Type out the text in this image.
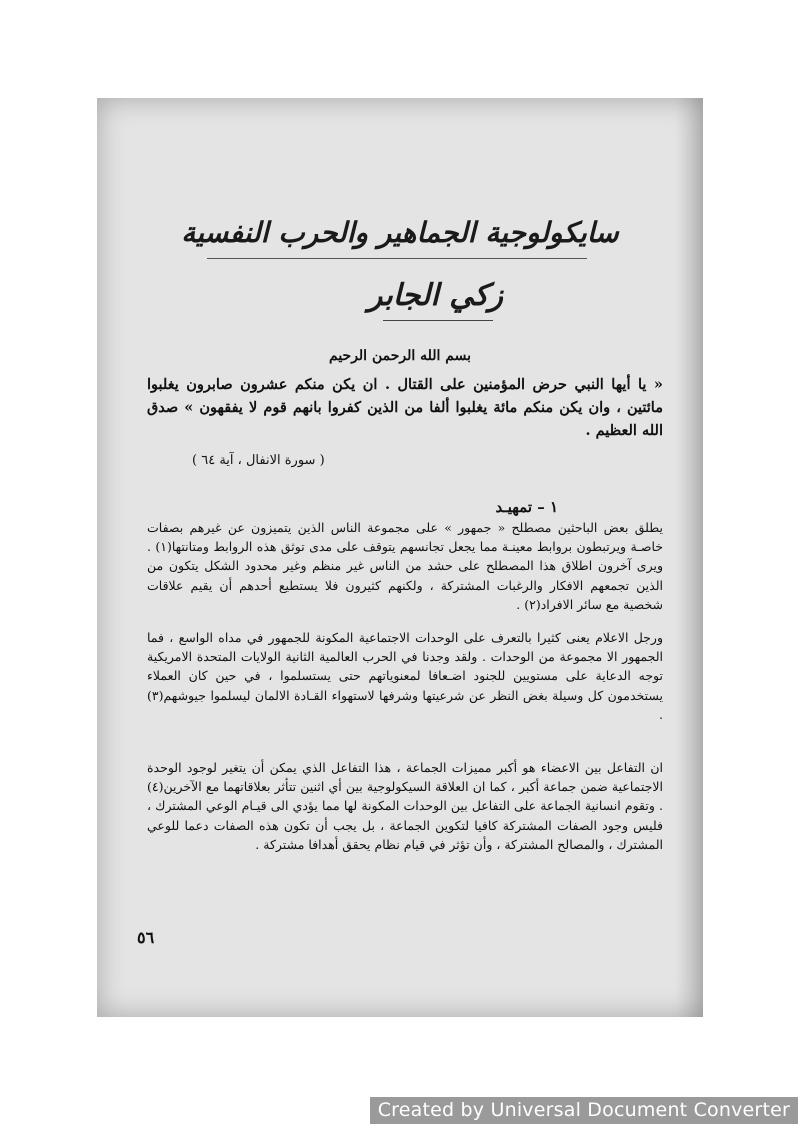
سايكولوجية الجماهير والحرب النفسية
زكي الجابر
بسم الله الرحمن الرحيم

« يا أيها النبي حرض المؤمنين على القتال . ان يكن منكم عشرون صابرون يغلبوا مائتين ، وان يكن منكم مائة يغلبوا ألفا من الذين كفروا بانهم قوم لا يفقهون » صدق الله العظيم .

( سورة الانفال ، آية ٦٤ )
١ – تمهيـد

يطلق بعض الباحثين مصطلح « جمهور » على مجموعة الناس الذين يتميزون عن غيرهم بصفات خاصـة ويرتبطون بروابط معينـة مما يجعل تجانسهم يتوقف على مدى توثق هذه الروابط ومتانتها(١) . ويرى آخرون اطلاق هذا المصطلح على حشد من الناس غير منظم وغير محدود الشكل يتكون من الذين تجمعهم الافكار والرغبات المشتركة ، ولكنهم كثيرون فلا يستطيع أحدهم أن يقيم علاقات شخصية مع سائر الافراد(٢) .

ورجل الاعلام يعنى كثيرا بالتعرف على الوحدات الاجتماعية المكونة للجمهور في مداه الواسع ، فما الجمهور الا مجموعة من الوحدات . ولقد وجدنا في الحرب العالمية الثانية الولايات المتحدة الامريكية توجه الدعاية على مستويين للجنود اضـعافا لمعنوياتهم حتى يستسلموا ، في حين كان العملاء يستخدمون كل وسيلة بغض النظر عن شرعيتها وشرفها لاستهواء القـادة الالمان ليسلموا جيوشهم(٣) .

ان التفاعل بين الاعضاء هو أكبر مميزات الجماعة ، هذا التفاعل الذي يمكن أن يتغير لوجود الوحدة الاجتماعية ضمن جماعة أكبر ، كما ان العلاقة السيكولوجية بين أي اثنين تتأثر بعلاقاتهما مع الآخرين(٤) . وتقوم انسانية الجماعة على التفاعل بين الوحدات المكونة لها مما يؤدي الى قيـام الوعي المشترك ، فليس وجود الصفات المشتركة كافيا لتكوين الجماعة ، بل يجب أن تكون هذه الصفات دعما للوعي المشترك ، والمصالح المشتركة ، وأن تؤثر في قيام نظام يحقق أهدافا مشتركة .

٥٦
Created by Universal Document Converter
